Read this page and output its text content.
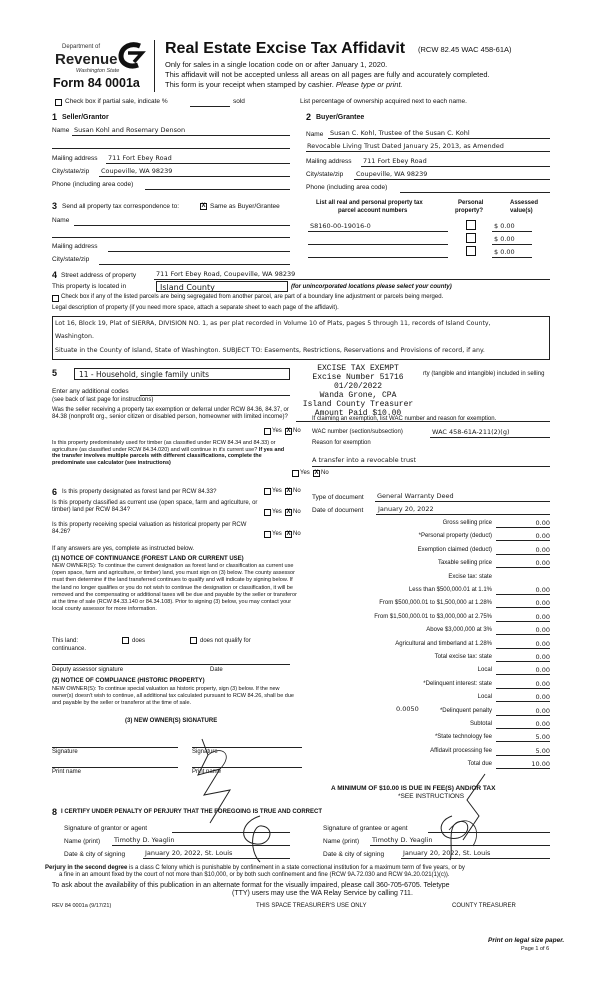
Department of
Revenue
Washington State
Form 84 0001a
Real Estate Excise Tax Affidavit (RCW 82.45 WAC 458-61A)
Only for sales in a single location code on or after January 1, 2020.
This affidavit will not be accepted unless all areas on all pages are fully and accurately completed.
This form is your receipt when stamped by cashier. Please type or print.
Check box if partial sale, indicate %	sold	List percentage of ownership acquired next to each name.
1 Seller/Grantor
Name Susan Kohl and Rosemary Denson
Mailing address 711 Fort Ebey Road
City/state/zip Coupeville, WA 98239
Phone (including area code)
2 Buyer/Grantee
Name Susan C. Kohl, Trustee of the Susan C. Kohl
Revocable Living Trust Dated January 25, 2013, as Amended
Mailing address 711 Fort Ebey Road
City/state/zip Coupeville, WA 98239
Phone (including area code)
3 Send all property tax correspondence to:	X Same as Buyer/Grantee
Name
Mailing address
City/state/zip
List all real and personal property tax
parcel account numbers
Personal
property?
Assessed
value(s)
S8160-00-19016-0	$ 0.00
$ 0.00
$ 0.00
4 Street address of property	711 Fort Ebey Road, Coupeville, WA 98239
This property is located in	Island County	(for unincorporated locations please select your county)
Check box if any of the listed parcels are being segregated from another parcel, are part of a boundary line adjustment or parcels being merged.
Legal description of property (if you need more space, attach a separate sheet to each page of the affidavit).
Lot 16, Block 19, Plat of SIERRA, DIVISION NO. 1, as per plat recorded in Volume 10 of Plats, pages 5 through 11, records of Island County,
Washington.
Situate in the County of Island, State of Washington. SUBJECT TO: Easements, Restrictions, Reservations and Provisions of record, if any.
5	11 - Household, single family units
Enter any additional codes
(see back of last page for instructions)
Was the seller receiving a property tax exemption or deferral under RCW 84.36, 84.37, or 84.38 (nonprofit org., senior citizen or disabled person, homeowner with limited income)?
Yes X No
Is this property predominately used for timber (as classified under RCW 84.34 and 84.33) or agriculture (as classified under RCW 84.34.020) and will continue in it's current use? If yes and the transfer involves multiple parcels with different classifications, complete the predominate use calculator (see instructions)
Yes X No
EXCISE TAX EXEMPT
Excise Number 51716
01/20/2022
Wanda Grone, CPA
Island County Treasurer
Amount Paid $10.00
rty (tangible and intangible) included in selling
If claiming an exemption, list WAC number and reason for exemption.
WAC number (section/subsection)	WAC 458-61A-211(2)(g)
Reason for exemption
A transfer into a revocable trust
6 Is this property designated as forest land per RCW 84.33?	Yes X No
Is this property classified as current use (open space, farm and agriculture, or timber) land per RCW 84.34?	Yes X No
Is this property receiving special valuation as historical property per RCW 84.26?	Yes X No
If any answers are yes, complete as instructed below.
(1) NOTICE OF CONTINUANCE (FOREST LAND OR CURRENT USE)
NEW OWNER(S): To continue the current designation as forest land or classification as current use (open space, farm and agriculture, or timber) land, you must sign on (3) below. The county assessor must then determine if the land transferred continues to qualify and will indicate by signing below. If the land no longer qualifies or you do not wish to continue the designation or classification, it will be removed and the compensating or additional taxes will be due and payable by the seller or transferor at the time of sale (RCW 84.33.140 or 84.34.108). Prior to signing (3) below, you may contact your local county assessor for more information.
This land:	does	does not qualify for
continuance.
Deputy assessor signature	Date
(2) NOTICE OF COMPLIANCE (HISTORIC PROPERTY)
NEW OWNER(S): To continue special valuation as historic property, sign (3) below. If the new owner(s) doesn't wish to continue, all additional tax calculated pursuant to RCW 84.26, shall be due and payable by the seller or transferor at the time of sale.
(3) NEW OWNER(S) SIGNATURE
Signature	Signature
Print name	Print name
Type of document General Warranty Deed
Date of document January 20, 2022
Gross selling price	0.00
*Personal property (deduct)	0.00
Exemption claimed (deduct)	0.00
Taxable selling price	0.00
Excise tax: state
Less than $500,000.01 at 1.1%	0.00
From $500,000.01 to $1,500,000 at 1.28%	0.00
From $1,500,000.01 to $3,000,000 at 2.75%	0.00
Above $3,000,000 at 3%	0.00
Agricultural and timberland at 1.28%	0.00
Total excise tax: state	0.00
Local	0.00
*Delinquent interest: state	0.00
Local	0.00
*Delinquent penalty	0.00
Subtotal	0.00
*State technology fee	5.00
Affidavit processing fee	5.00
Total due	10.00
0.0050
A MINIMUM OF $10.00 IS DUE IN FEE(S) AND/OR TAX
*SEE INSTRUCTIONS
8 I CERTIFY UNDER PENALTY OF PERJURY THAT THE FOREGOING IS TRUE AND CORRECT
Signature of grantor or agent
Name (print) Timothy D. Yeaglin
Date & city of signing	January 20, 2022, St. Louis
Signature of grantee or agent
Name (print) Timothy D. Yeaglin
Date & city of signing	January 20, 2022, St. Louis
Perjury in the second degree is a class C felony which is punishable by confinement in a state correctional institution for a maximum term of five years, or by
a fine in an amount fixed by the court of not more than $10,000, or by both such confinement and fine (RCW 9A.72.030 and RCW 9A.20.021(1)(c)).
To ask about the availability of this publication in an alternate format for the visually impaired, please call 360-705-6705. Teletype
(TTY) users may use the WA Relay Service by calling 711.
REV 84 0001a (9/17/21)	THIS SPACE TREASURER'S USE ONLY	COUNTY TREASURER
Print on legal size paper.
Page 1 of 6
